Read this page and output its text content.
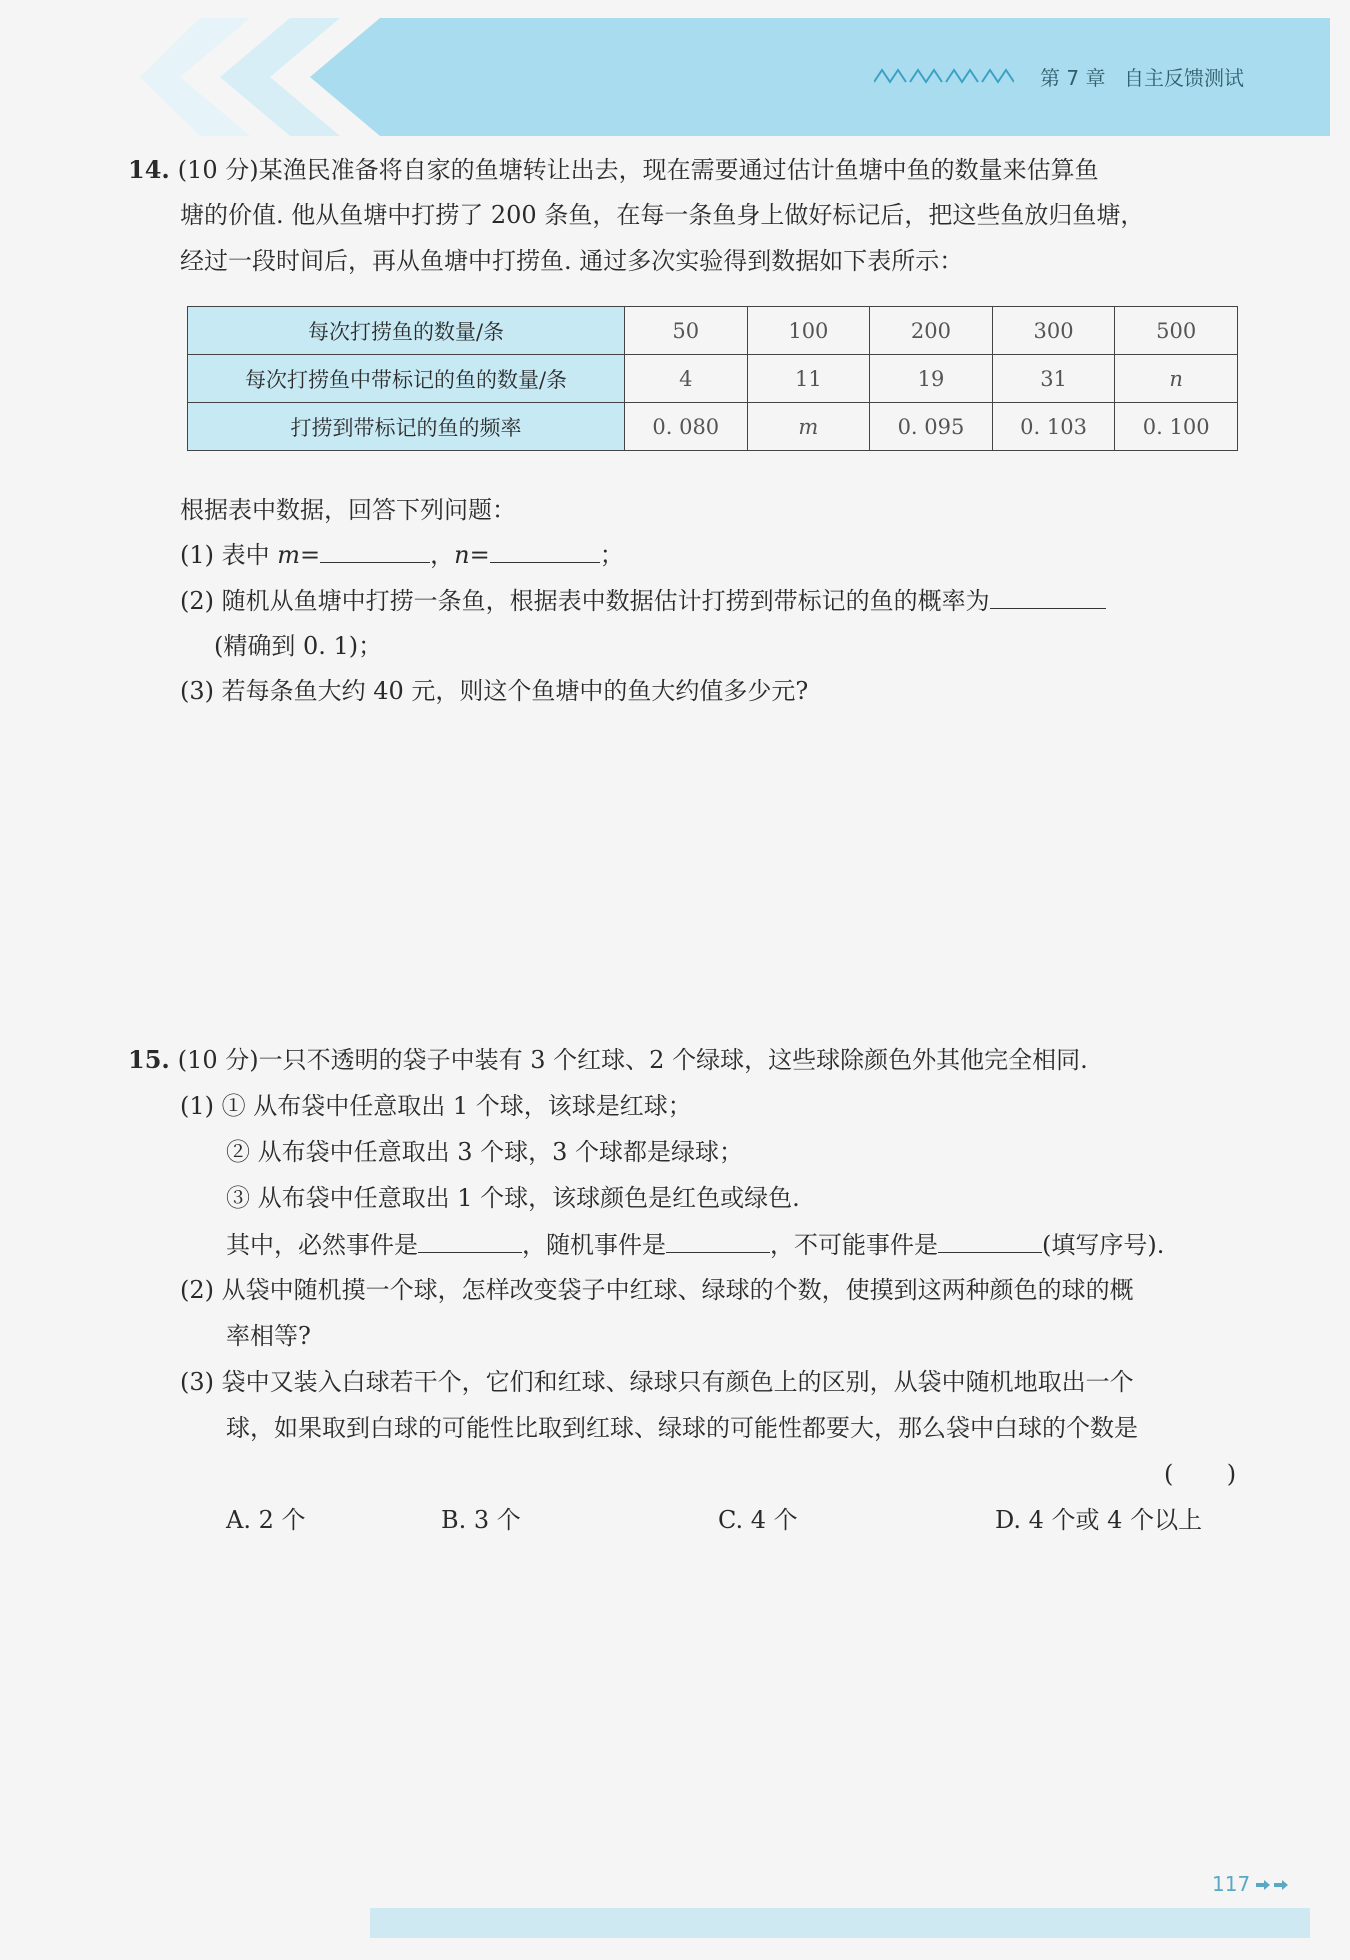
第 7 章 自主反馈测试
14. (10 分)某渔民准备将自家的鱼塘转让出去，现在需要通过估计鱼塘中鱼的数量来估算鱼
塘的价值. 他从鱼塘中打捞了 200 条鱼，在每一条鱼身上做好标记后，把这些鱼放归鱼塘，
经过一段时间后，再从鱼塘中打捞鱼. 通过多次实验得到数据如下表所示：
每次打捞鱼的数量/条	50	100	200	300	500
每次打捞鱼中带标记的鱼的数量/条	4	11	19	31	n
打捞到带标记的鱼的频率	0. 080	m	0. 095	0. 103	0. 100
根据表中数据，回答下列问题：
(1) 表中 m=	，n=	；
(2) 随机从鱼塘中打捞一条鱼，根据表中数据估计打捞到带标记的鱼的概率为
(精确到 0. 1)；
(3) 若每条鱼大约 40 元，则这个鱼塘中的鱼大约值多少元?
15. (10 分)一只不透明的袋子中装有 3 个红球、2 个绿球，这些球除颜色外其他完全相同.
(1) ① 从布袋中任意取出 1 个球，该球是红球；
② 从布袋中任意取出 3 个球，3 个球都是绿球；
③ 从布袋中任意取出 1 个球，该球颜色是红色或绿色.
其中，必然事件是	，随机事件是	，不可能事件是	(填写序号).
(2) 从袋中随机摸一个球，怎样改变袋子中红球、绿球的个数，使摸到这两种颜色的球的概
率相等?
(3) 袋中又装入白球若干个，它们和红球、绿球只有颜色上的区别，从袋中随机地取出一个
球，如果取到白球的可能性比取到红球、绿球的可能性都要大，那么袋中白球的个数是
(       )
A. 2 个	B. 3 个	C. 4 个	D. 4 个或 4 个以上
117
